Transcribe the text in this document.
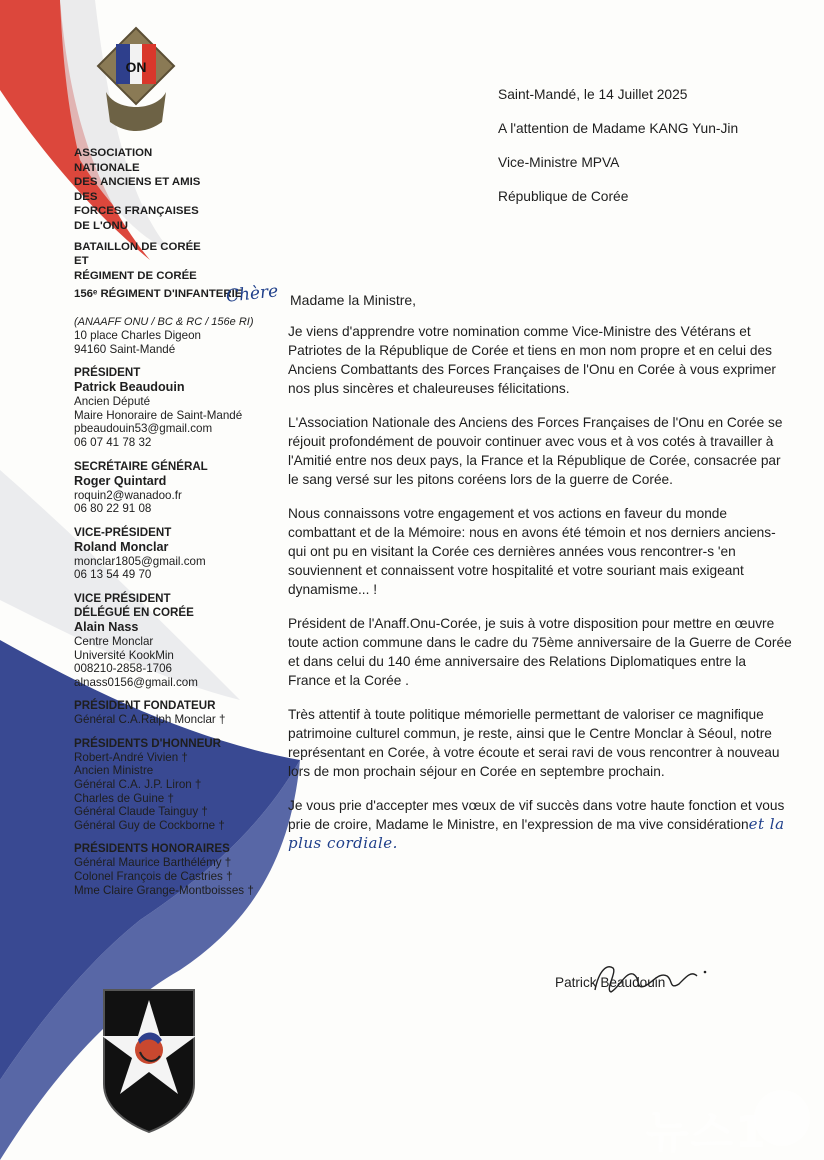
ON
ASSOCIATION
NATIONALE
DES ANCIENS ET AMIS
DES
FORCES FRANÇAISES
DE L'ONU
BATAILLON DE CORÉE
ET
RÉGIMENT DE CORÉE
156ᵉ RÉGIMENT D'INFANTERIE
(ANAAFF ONU / BC & RC / 156e RI)
10 place Charles Digeon
94160 Saint-Mandé
PRÉSIDENT
Patrick Beaudouin
Ancien Député
Maire Honoraire de Saint-Mandé
pbeaudouin53@gmail.com
06 07 41 78 32
SECRÉTAIRE GÉNÉRAL
Roger Quintard
roquin2@wanadoo.fr
06 80 22 91 08
VICE-PRÉSIDENT
Roland Monclar
monclar1805@gmail.com
06 13 54 49 70
VICE PRÉSIDENT
DÉLÉGUÉ EN CORÉE
Alain Nass
Centre Monclar
Université KookMin
008210-2858-1706
alnass0156@gmail.com
PRÉSIDENT FONDATEUR
Général C.A.Ralph Monclar †
PRÉSIDENTS D'HONNEUR
Robert-André Vivien †
Ancien Ministre
Général C.A. J.P. Liron †
Charles de Guine †
Général Claude Tainguy †
Général Guy de Cockborne †
PRÉSIDENTS HONORAIRES
Général Maurice Barthélémy †
Colonel François de Castries †
Mme Claire Grange-Montboisses †
Saint-Mandé, le 14 Juillet 2025
A l'attention de Madame KANG Yun-Jin
Vice-Ministre MPVA
République de Corée
Chère Madame la Ministre,

Je viens d'apprendre votre nomination comme Vice-Ministre des Vétérans et Patriotes de la République de Corée et tiens en mon nom propre et en celui des Anciens Combattants des Forces Françaises de l'Onu en Corée à vous exprimer nos plus sincères et chaleureuses félicitations.

L'Association Nationale des Anciens des Forces Françaises de l'Onu en Corée se réjouit profondément de pouvoir continuer avec vous et à vos cotés à travailler à l'Amitié entre nos deux pays, la France et la République de Corée, consacrée par le sang versé sur les pitons coréens lors de la guerre de Corée.

Nous connaissons votre engagement et vos actions en faveur du monde combattant et de la Mémoire: nous en avons été témoin et nos derniers anciens-qui ont pu en visitant la Corée ces dernières années vous rencontrer-s 'en souviennent et connaissent votre hospitalité et votre souriant mais exigeant dynamisme... !

Président de l'Anaff.Onu-Corée, je suis à votre disposition pour mettre en œuvre toute action commune dans le cadre du 75ème anniversaire de la Guerre de Corée et dans celui du 140 éme anniversaire des Relations Diplomatiques entre la France et la Corée .

Très attentif à toute politique mémorielle permettant de valoriser ce magnifique patrimoine culturel commun, je reste, ainsi que le Centre Monclar à Séoul, notre représentant en Corée, à votre écoute et serai ravi de vous rencontrer à nouveau lors de mon prochain séjour en Corée en septembre prochain.

Je vous prie d'accepter mes vœux de vif succès dans votre haute fonction et vous prie de croire, Madame le Ministre, en l'expression de ma vive considérationet la plus cordiale.

Patrick Beaudouin
뉴스1
